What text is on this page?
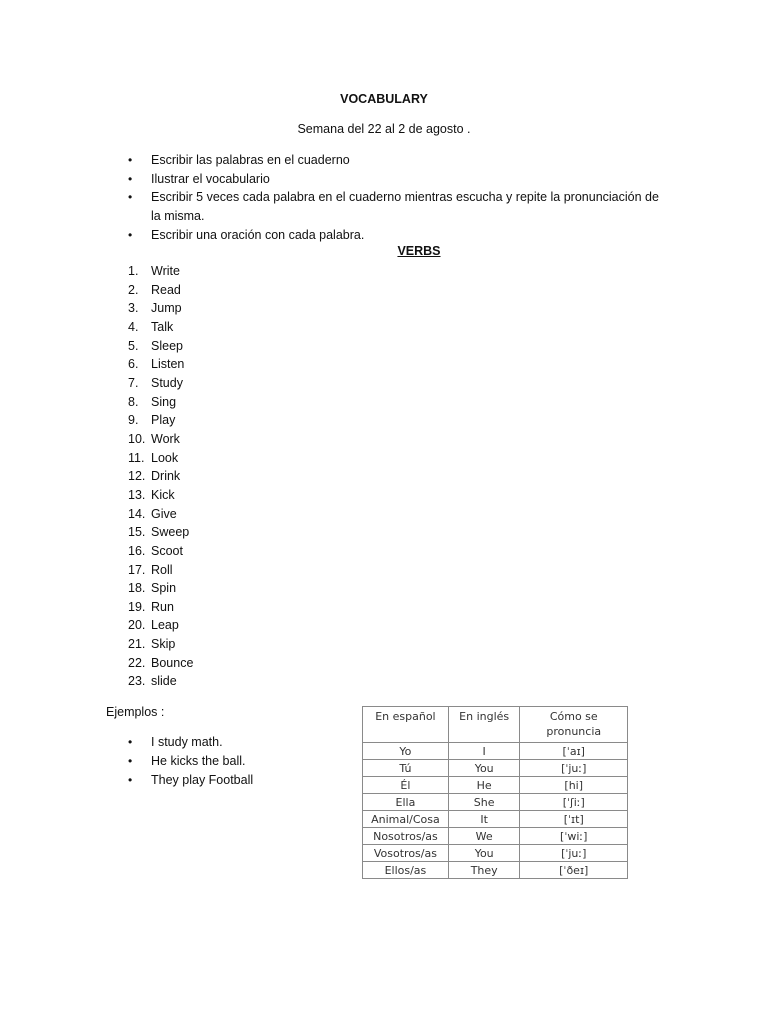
VOCABULARY
Semana del 22 al 2 de agosto .
• Escribir las palabras en el cuaderno
• Ilustrar el vocabulario
• Escribir 5 veces cada palabra en el cuaderno mientras escucha y repite la pronunciación de la misma.
• Escribir una oración con cada palabra.
VERBS
1. Write
2. Read
3. Jump
4. Talk
5. Sleep
6. Listen
7. Study
8. Sing
9. Play
10. Work
11. Look
12. Drink
13. Kick
14. Give
15. Sweep
16. Scoot
17. Roll
18. Spin
19. Run
20. Leap
21. Skip
22. Bounce
23. slide
Ejemplos :
• I study math.
• He kicks the ball.
• They play Football
En español	En inglés	Cómo se pronuncia
Yo	I	[ˈaɪ]
Tú	You	[ˈjuː]
Él	He	[hi]
Ella	She	[ˈʃiː]
Animal/Cosa	It	[ˈɪt]
Nosotros/as	We	[ˈwiː]
Vosotros/as	You	[ˈjuː]
Ellos/as	They	[ˈðeɪ]
